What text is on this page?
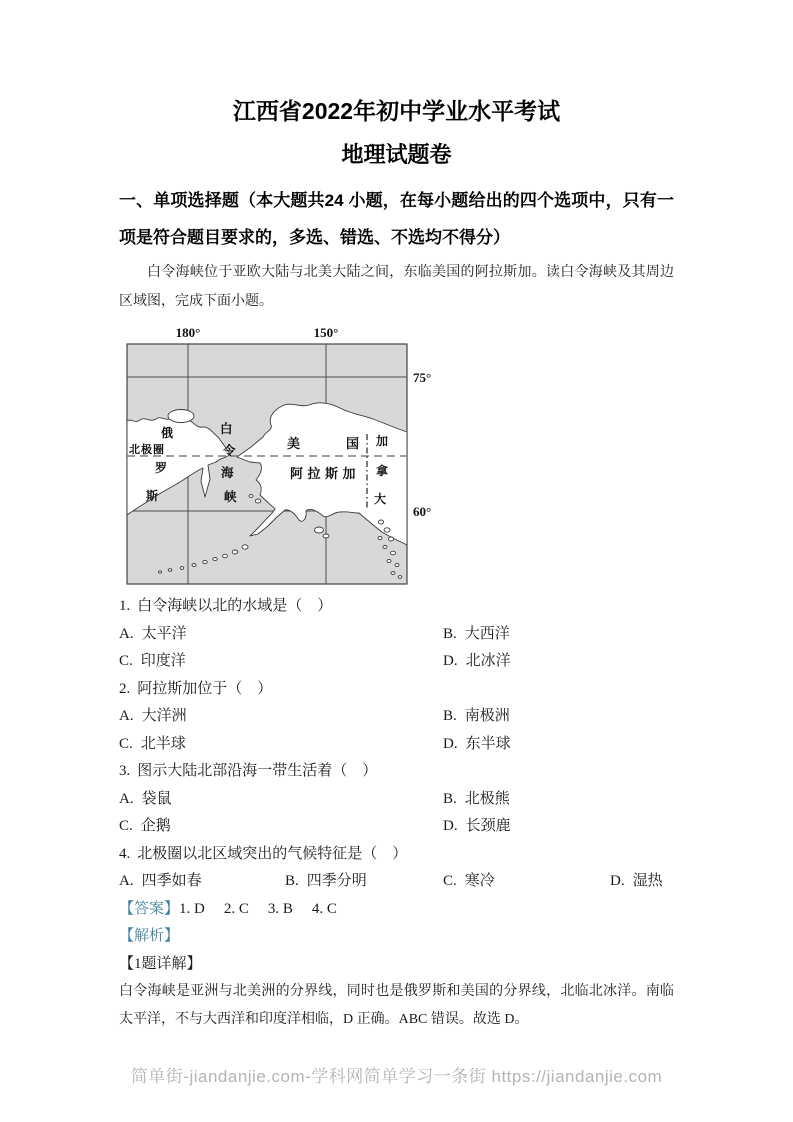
江西省2022年初中学业水平考试
地理试题卷
一、单项选择题（本大题共24 小题，在每小题给出的四个选项中，只有一项是符合题目要求的，多选、错选、不选均不得分）
白令海峡位于亚欧大陆与北美大陆之间，东临美国的阿拉斯加。读白令海峡及其周边区域图，完成下面小题。
180°	150°
75°
60°
北极圈
俄
罗
斯
白
令
海
峡
美	国
阿拉斯加
加
拿
大
1. 白令海峡以北的水域是（　）
A. 太平洋	B. 大西洋
C. 印度洋	D. 北冰洋
2. 阿拉斯加位于（　）
A. 大洋洲	B. 南极洲
C. 北半球	D. 东半球
3. 图示大陆北部沿海一带生活着（　）
A. 袋鼠	B. 北极熊
C. 企鹅	D. 长颈鹿
4. 北极圈以北区域突出的气候特征是（　）
A. 四季如春	B. 四季分明	C. 寒冷	D. 湿热
【答案】1. D 2. C 3. B 4. C
【解析】
【1题详解】
白令海峡是亚洲与北美洲的分界线，同时也是俄罗斯和美国的分界线，北临北冰洋。南临太平洋，不与大西洋和印度洋相临，D 正确。ABC 错误。故选 D。
简单街-jiandanjie.com-学科网简单学习一条街 https://jiandanjie.com
